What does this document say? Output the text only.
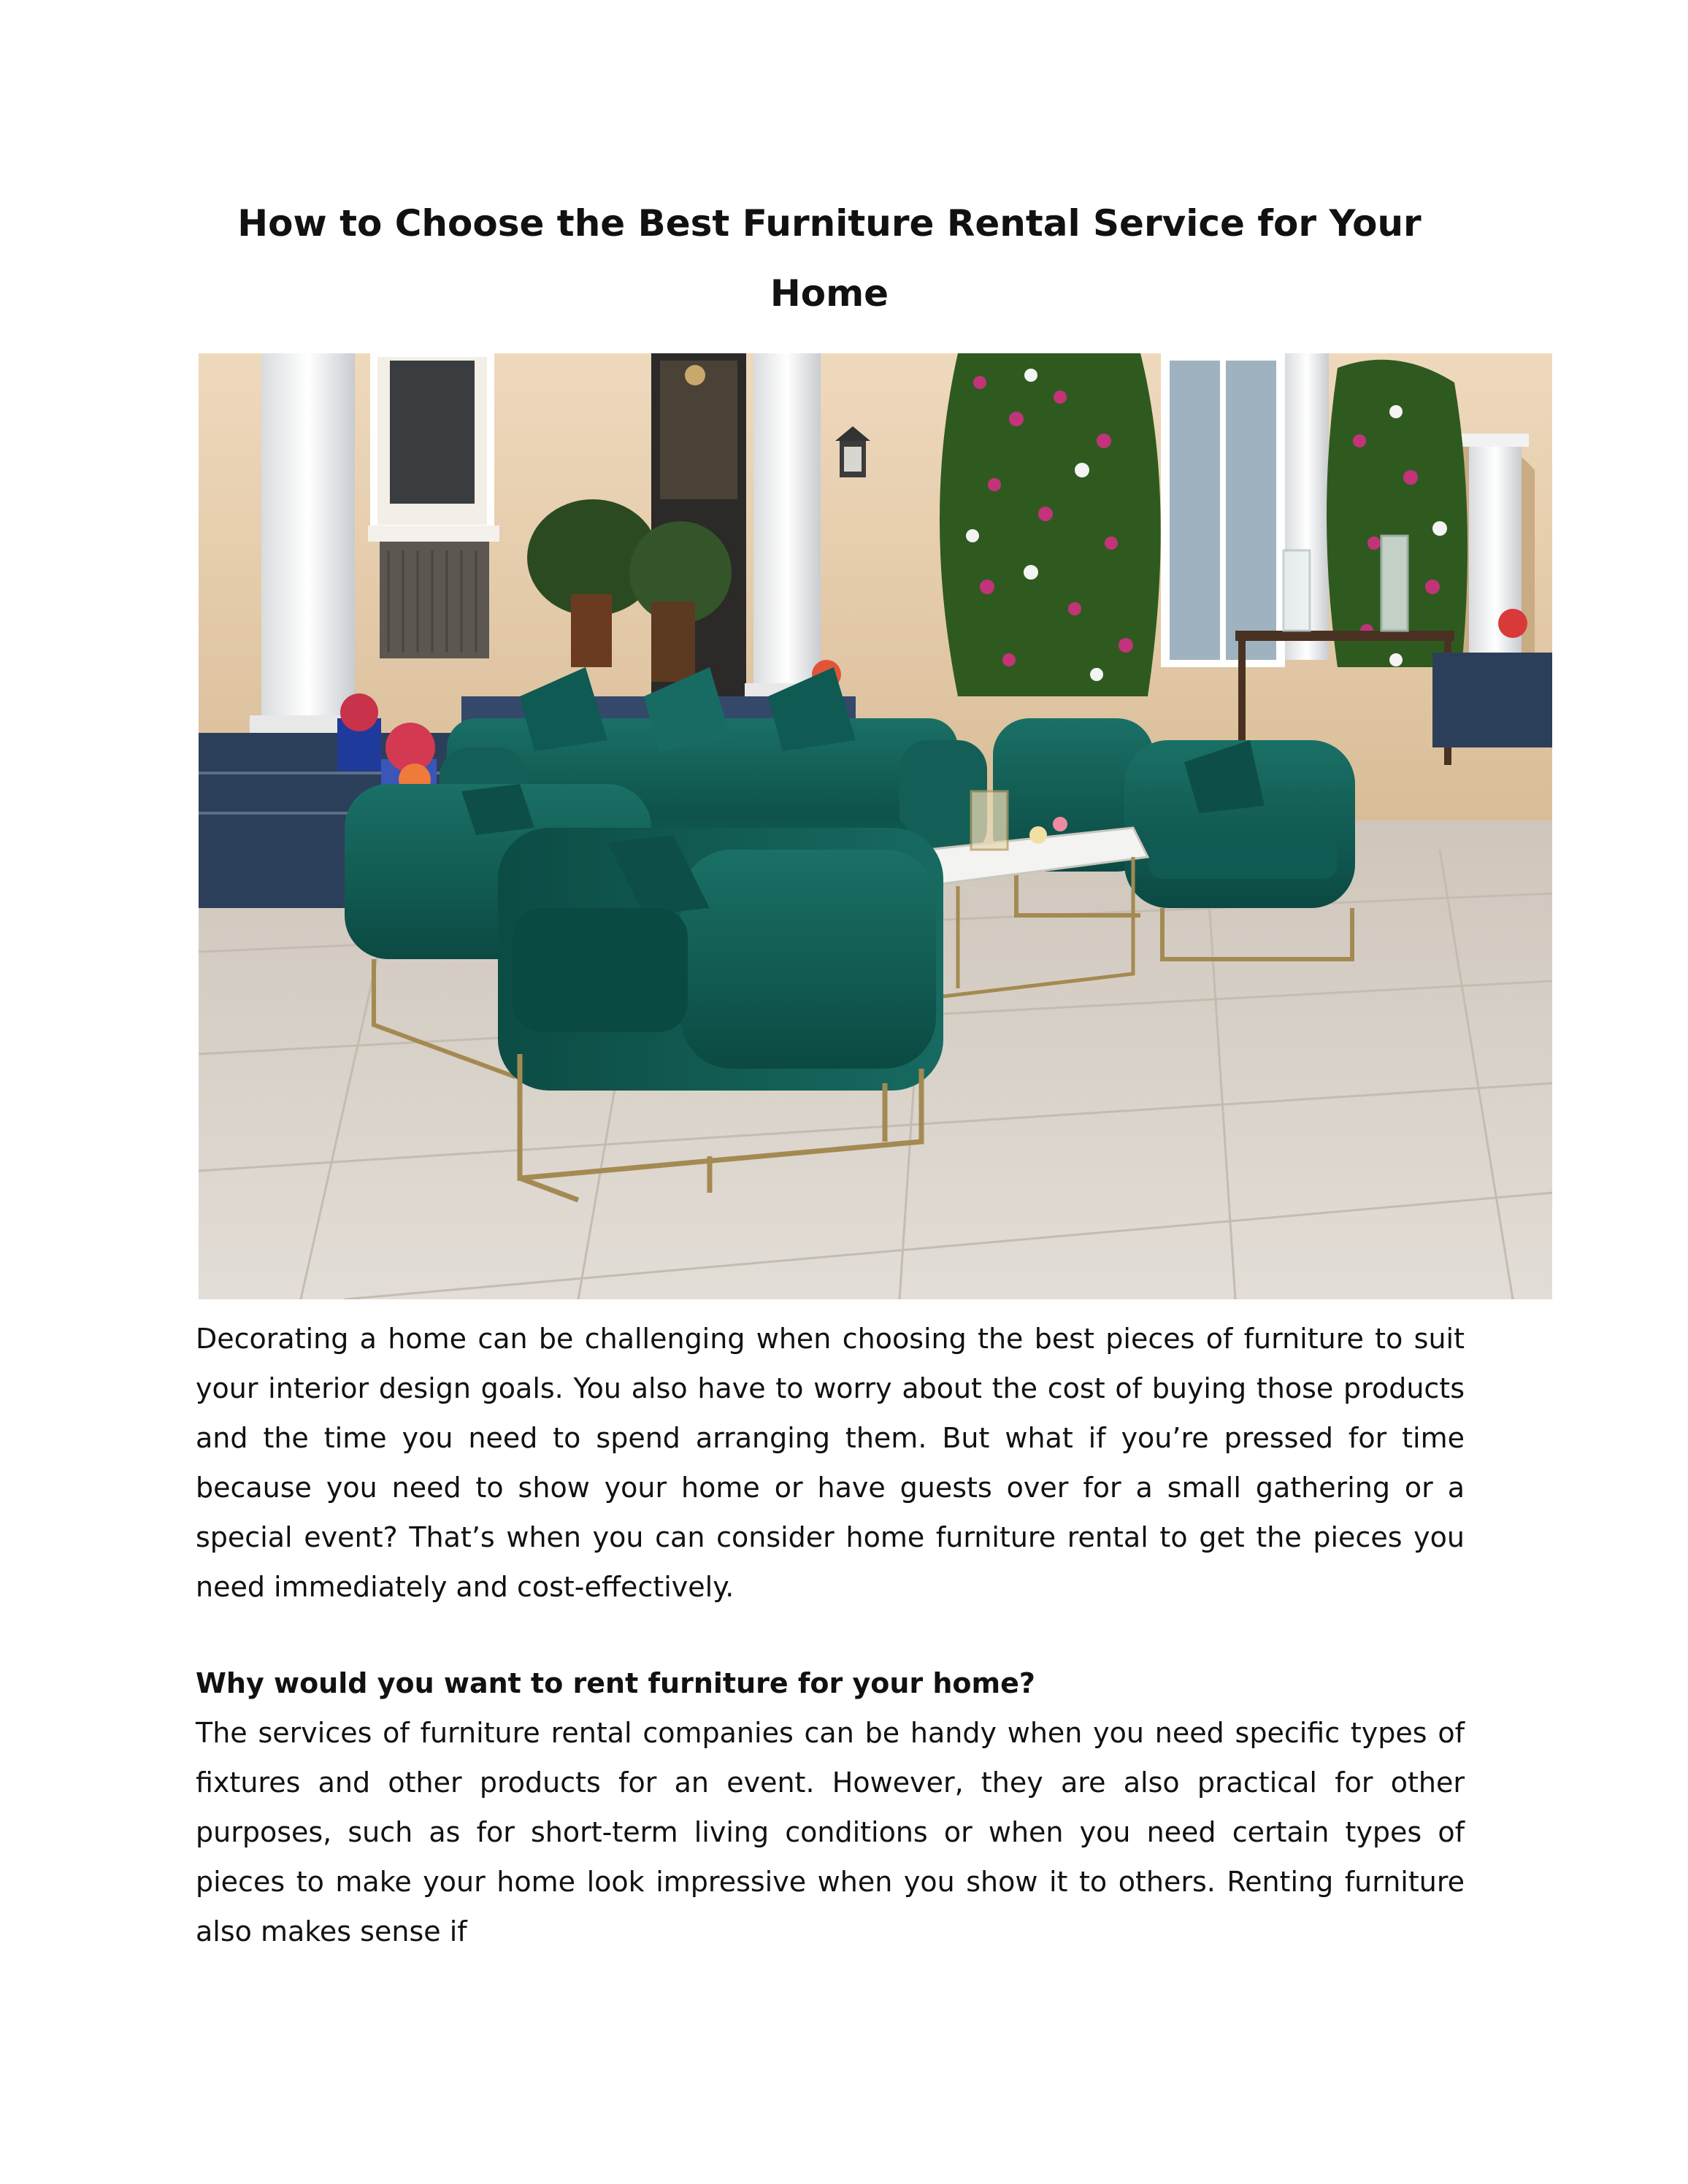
How to Choose the Best Furniture Rental Service for Your Home

Decorating a home can be challenging when choosing the best pieces of furniture to suit your interior design goals. You also have to worry about the cost of buying those products and the time you need to spend arranging them. But what if you’re pressed for time because you need to show your home or have guests over for a small gathering or a special event? That’s when you can consider home furniture rental to get the pieces you need immediately and cost-effectively.

Why would you want to rent furniture for your home?

The services of furniture rental companies can be handy when you need specific types of fixtures and other products for an event. However, they are also practical for other purposes, such as for short-term living conditions or when you need certain types of pieces to make your home look impressive when you show it to others. Renting furniture also makes sense if
